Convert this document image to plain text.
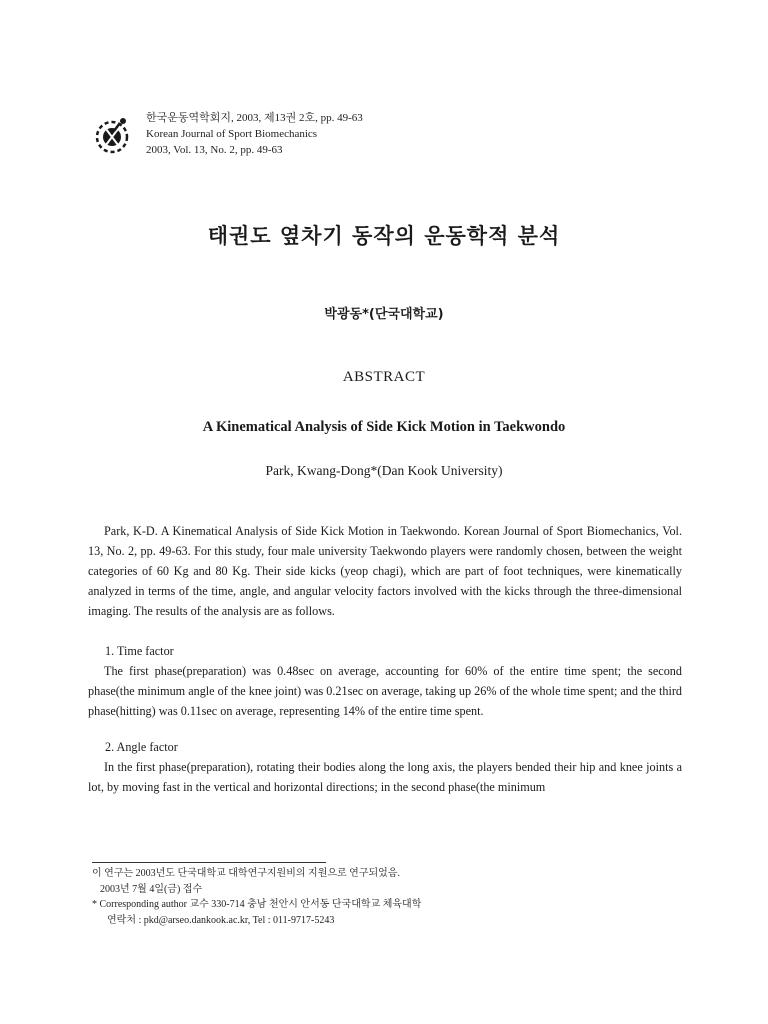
한국운동역학회지, 2003, 제13권 2호, pp. 49-63
Korean Journal of Sport Biomechanics
2003, Vol. 13, No. 2, pp. 49-63
태권도 옆차기 동작의 운동학적 분석
박광동*(단국대학교)
ABSTRACT
A Kinematical Analysis of Side Kick Motion in Taekwondo
Park, Kwang-Dong*(Dan Kook University)

Park, K-D. A Kinematical Analysis of Side Kick Motion in Taekwondo. Korean Journal of Sport Biomechanics, Vol. 13, No. 2, pp. 49-63. For this study, four male university Taekwondo players were randomly chosen, between the weight categories of 60 Kg and 80 Kg. Their side kicks (yeop chagi), which are part of foot techniques, were kinematically analyzed in terms of the time, angle, and angular velocity factors involved with the kicks through the three-dimensional imaging. The results of the analysis are as follows.

1. Time factor

The first phase(preparation) was 0.48sec on average, accounting for 60% of the entire time spent; the second phase(the minimum angle of the knee joint) was 0.21sec on average, taking up 26% of the whole time spent; and the third phase(hitting) was 0.11sec on average, representing 14% of the entire time spent.

2. Angle factor

In the first phase(preparation), rotating their bodies along the long axis, the players bended their hip and knee joints a lot, by moving fast in the vertical and horizontal directions; in the second phase(the minimum

이 연구는 2003년도 단국대학교 대학연구지원비의 지원으로 연구되었음.
2003년 7월 4일(금) 접수
* Corresponding author 교수 330-714 충남 천안시 안서동 단국대학교 체육대학
연락처 : pkd@arseo.dankook.ac.kr, Tel : 011-9717-5243
